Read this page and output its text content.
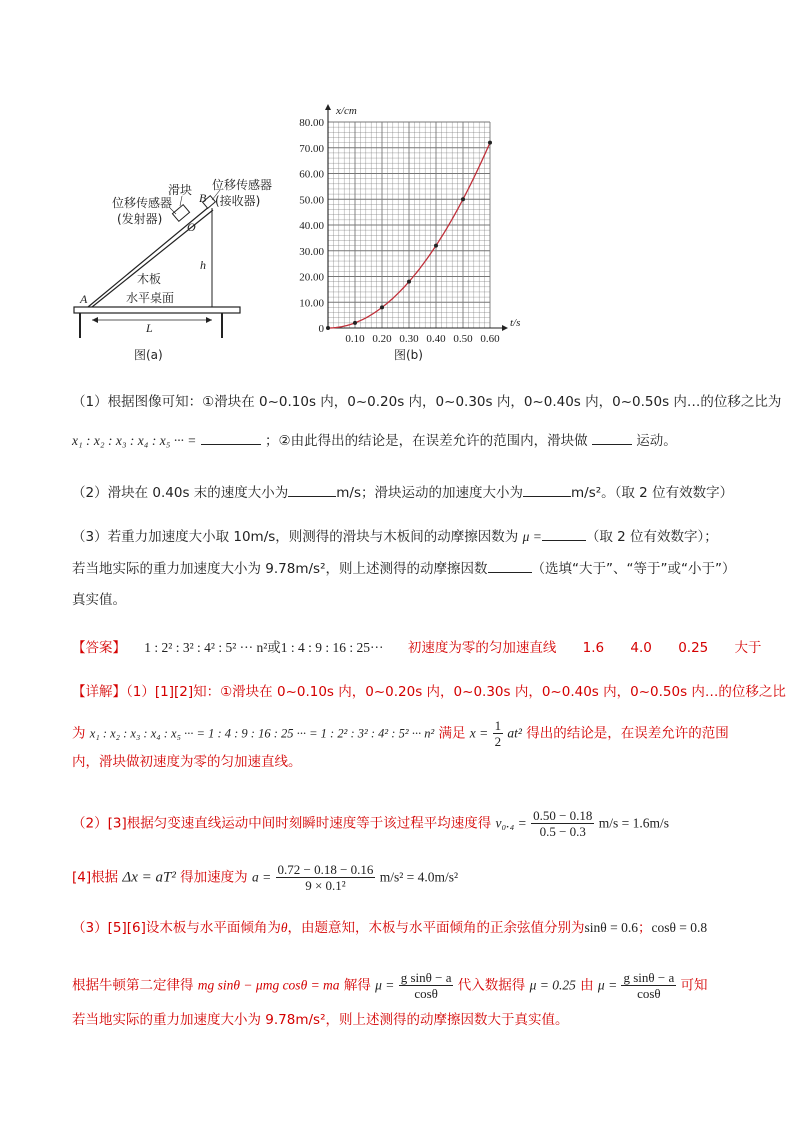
滑块
位移传感器
(发射器)
位移传感器
(接收器)
B
O
h
木板
水平桌面
A
L
图(a)
x/cm
t/s
80.00
70.00
60.00
50.00
40.00
30.00
20.00
10.00
0
0.10 0.20 0.30 0.40 0.50 0.60
图(b)
（1）根据图像可知：①滑块在 0~0.10s 内，0~0.20s 内，0~0.30s 内，0~0.40s 内，0~0.50s 内…的位移之比为
x₁ : x₂ : x₃ : x₄ : x₅ ··· =	；②由此得出的结论是，在误差允许的范围内，滑块做	运动。
（2）滑块在 0.40s 末的速度大小为	m/s；滑块运动的加速度大小为	m/s²。（取 2 位有效数字）
（3）若重力加速度大小取 10m/s，则测得的滑块与木板间的动摩擦因数为 μ =	（取 2 位有效数字）；
若当地实际的重力加速度大小为 9.78m/s²，则上述测得的动摩擦因数	（选填“大于”、“等于”或“小于”）
真实值。
【答案】 1 : 2² : 3² : 4² : 5² ··· n²或1 : 4 : 9 : 16 : 25··· 初速度为零的匀加速直线 1.6 4.0 0.25 大于
【详解】（1）[1][2]知：①滑块在 0~0.10s 内，0~0.20s 内，0~0.30s 内，0~0.40s 内，0~0.50s 内…的位移之比
为 x₁ : x₂ : x₃ : x₄ : x₅ ··· = 1 : 4 : 9 : 16 : 25 ··· = 1 : 2² : 3² : 4² : 5² ··· n² 满足 $x = \frac{1}{2} at^2$ 得出的结论是，在误差允许的范围
内，滑块做初速度为零的匀加速直线。
（2）[3]根据匀变速直线运动中间时刻瞬时速度等于该过程平均速度得 $v_0._4 = \frac{0.50 - 0.18}{0.5 - 0.3} m/s = 1.6m/s$
[4]根据 Δx = aT² 得加速度为 $a = \frac{0.72 - 0.18 - 0.16}{\text{9 × 0.1²}} m/s^2 = 4.0m/s^2$
（3）[5][6]设木板与水平面倾角为θ，由题意知，木板与水平面倾角的正余弦值分别为sinθ = 0.6；cosθ = 0.8
根据牛顿第二定律得 mg sinθ − μmg cosθ = ma 解得 $\mu = \frac{\text{g sinθ − a}}{\cos\theta}$ 代入数据得 μ = 0.25 由 $\mu = \frac{\text{g sinθ − a}}{\cos\theta}$ 可知
若当地实际的重力加速度大小为 9.78m/s²，则上述测得的动摩擦因数大于真实值。
